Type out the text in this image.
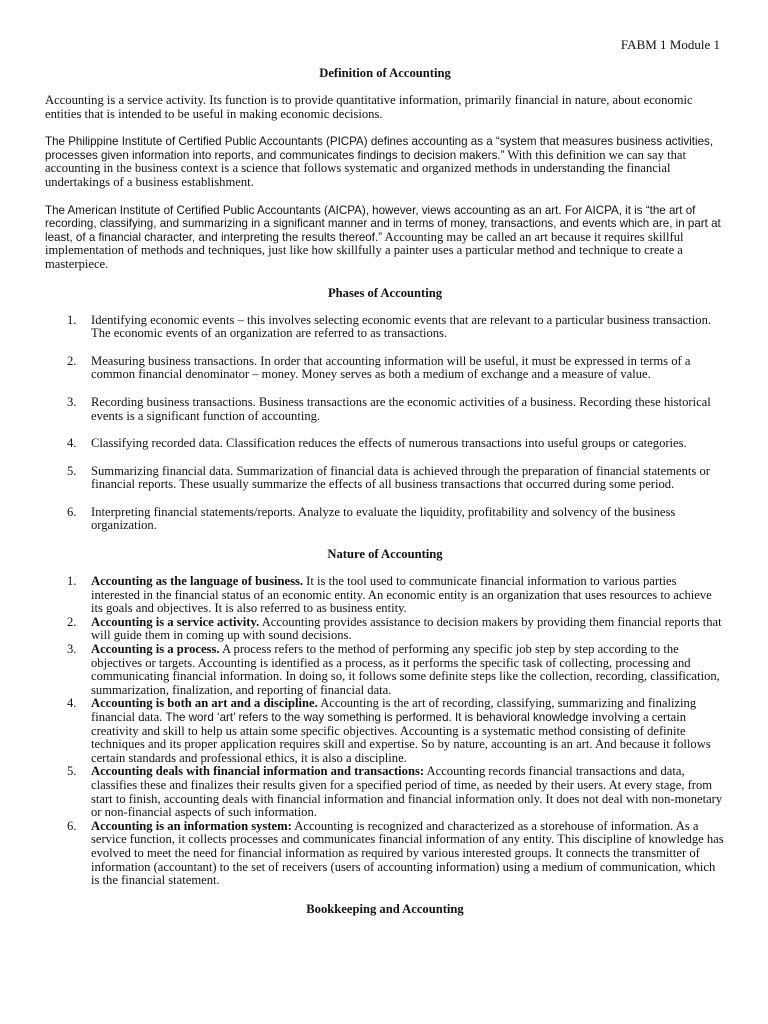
FABM 1 Module 1
Definition of Accounting

Accounting is a service activity. Its function is to provide quantitative information, primarily financial in nature, about economic entities that is intended to be useful in making economic decisions.

The Philippine Institute of Certified Public Accountants (PICPA) defines accounting as a “system that measures business activities, processes given information into reports, and communicates findings to decision makers.” With this definition we can say that accounting in the business context is a science that follows systematic and organized methods in understanding the financial undertakings of a business establishment.

The American Institute of Certified Public Accountants (AICPA), however, views accounting as an art. For AICPA, it is “the art of recording, classifying, and summarizing in a significant manner and in terms of money, transactions, and events which are, in part at least, of a financial character, and interpreting the results thereof.” Accounting may be called an art because it requires skillful implementation of methods and techniques, just like how skillfully a painter uses a particular method and technique to create a masterpiece.

Phases of Accounting
1. Identifying economic events – this involves selecting economic events that are relevant to a particular business transaction. The economic events of an organization are referred to as transactions.
2. Measuring business transactions. In order that accounting information will be useful, it must be expressed in terms of a common financial denominator – money. Money serves as both a medium of exchange and a measure of value.
3. Recording business transactions. Business transactions are the economic activities of a business. Recording these historical events is a significant function of accounting.
4. Classifying recorded data. Classification reduces the effects of numerous transactions into useful groups or categories.
5. Summarizing financial data. Summarization of financial data is achieved through the preparation of financial statements or financial reports. These usually summarize the effects of all business transactions that occurred during some period.
6. Interpreting financial statements/reports. Analyze to evaluate the liquidity, profitability and solvency of the business organization.
Nature of Accounting
1. Accounting as the language of business. It is the tool used to communicate financial information to various parties interested in the financial status of an economic entity. An economic entity is an organization that uses resources to achieve its goals and objectives. It is also referred to as business entity.
2. Accounting is a service activity. Accounting provides assistance to decision makers by providing them financial reports that will guide them in coming up with sound decisions.
3. Accounting is a process. A process refers to the method of performing any specific job step by step according to the objectives or targets. Accounting is identified as a process, as it performs the specific task of collecting, processing and communicating financial information. In doing so, it follows some definite steps like the collection, recording, classification, summarization, finalization, and reporting of financial data.
4. Accounting is both an art and a discipline. Accounting is the art of recording, classifying, summarizing and finalizing financial data. The word ‘art’ refers to the way something is performed. It is behavioral knowledge involving a certain creativity and skill to help us attain some specific objectives. Accounting is a systematic method consisting of definite techniques and its proper application requires skill and expertise. So by nature, accounting is an art. And because it follows certain standards and professional ethics, it is also a discipline.
5. Accounting deals with financial information and transactions: Accounting records financial transactions and data, classifies these and finalizes their results given for a specified period of time, as needed by their users. At every stage, from start to finish, accounting deals with financial information and financial information only. It does not deal with non-monetary or non-financial aspects of such information.
6. Accounting is an information system: Accounting is recognized and characterized as a storehouse of information. As a service function, it collects processes and communicates financial information of any entity. This discipline of knowledge has evolved to meet the need for financial information as required by various interested groups. It connects the transmitter of information (accountant) to the set of receivers (users of accounting information) using a medium of communication, which is the financial statement.
Bookkeeping and Accounting
